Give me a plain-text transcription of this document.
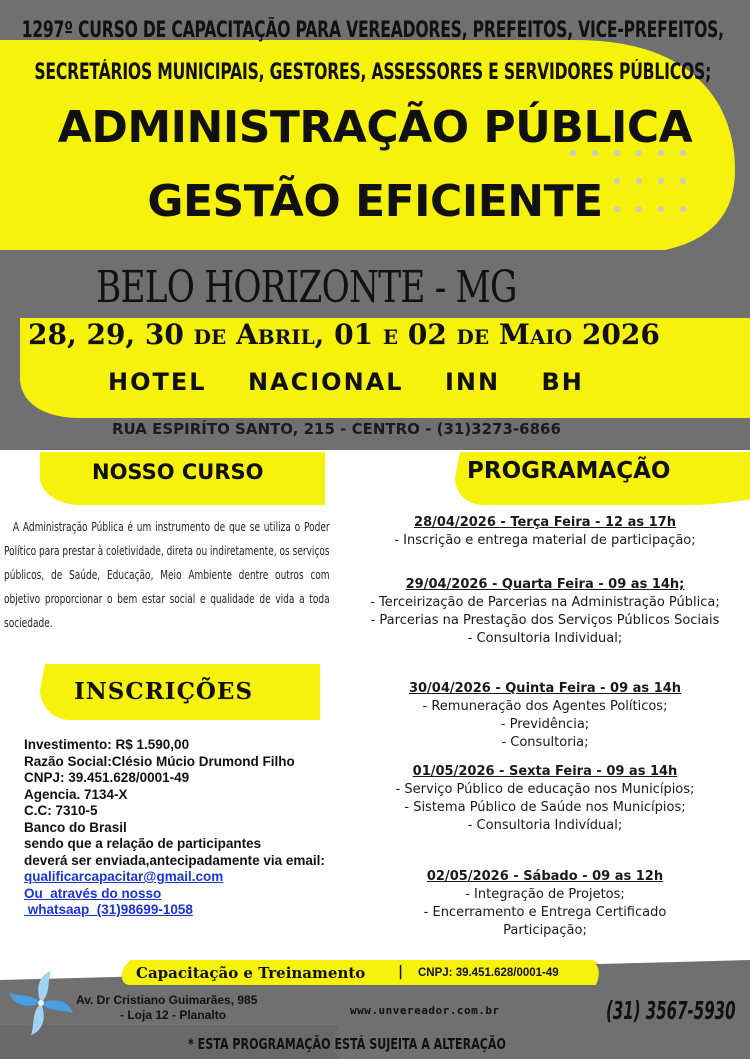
1297º CURSO DE CAPACITAÇÃO PARA VEREADORES, PREFEITOS, VICE-PREFEITOS,
SECRETÁRIOS MUNICIPAIS, GESTORES, ASSESSORES E SERVIDORES PÚBLICOS;
ADMINISTRAÇÃO PÚBLICA
GESTÃO EFICIENTE
BELO HORIZONTE - MG
28, 29, 30 de Abril, 01 e 02 de Maio 2026
HOTEL    NACIONAL    INN    BH
RUA ESPIRÍTO SANTO, 215 - CENTRO - (31)3273-6866
NOSSO CURSO
A Administração Pública é um instrumento de que se utiliza o Poder Político para prestar à coletividade, direta ou indiretamente, os serviços públicos, de Saúde, Educação, Meio Ambiente dentre outros com objetivo proporcionar o bem estar social e qualidade de vida a toda sociedade.
PROGRAMAÇÃO
28/04/2026 - Terça Feira - 12 as 17h
- Inscrição e entrega material de participação;
29/04/2026 - Quarta Feira - 09 as 14h;
- Terceirização de Parcerias na Administração Pública;
- Parcerias na Prestação dos Serviços Públicos Sociais
- Consultoria Individual;
30/04/2026 - Quinta Feira - 09 as 14h
- Remuneração dos Agentes Políticos;
- Previdência;
- Consultoria;
01/05/2026 - Sexta Feira - 09 as 14h
- Serviço Público de educação nos Municípios;
- Sistema Público de Saúde nos Municípios;
- Consultoria Indivídual;
02/05/2026 - Sábado - 09 as 12h
- Integração de Projetos;
- Encerramento e Entrega Certificado
Participação;
INSCRIÇÕES
Investimento: R$ 1.590,00
Razão Social:Clésio Múcio Drumond Filho
CNPJ: 39.451.628/0001-49
Agencia. 7134-X
C.C: 7310-5
Banco do Brasil
sendo que a relação de participantes
deverá ser enviada,antecipadamente via email:
qualificarcapacitar@gmail.com
Ou  através do nosso
whatsaap  (31)98699-1058
Capacitação e Treinamento | CNPJ: 39.451.628/0001-49
Av. Dr Cristiano Guimarães, 985
- Loja 12 - Planalto	www.unvereador.com.br	(31) 3567-5930
* ESTA PROGRAMAÇÃO ESTÁ SUJEITA A ALTERAÇÃO
